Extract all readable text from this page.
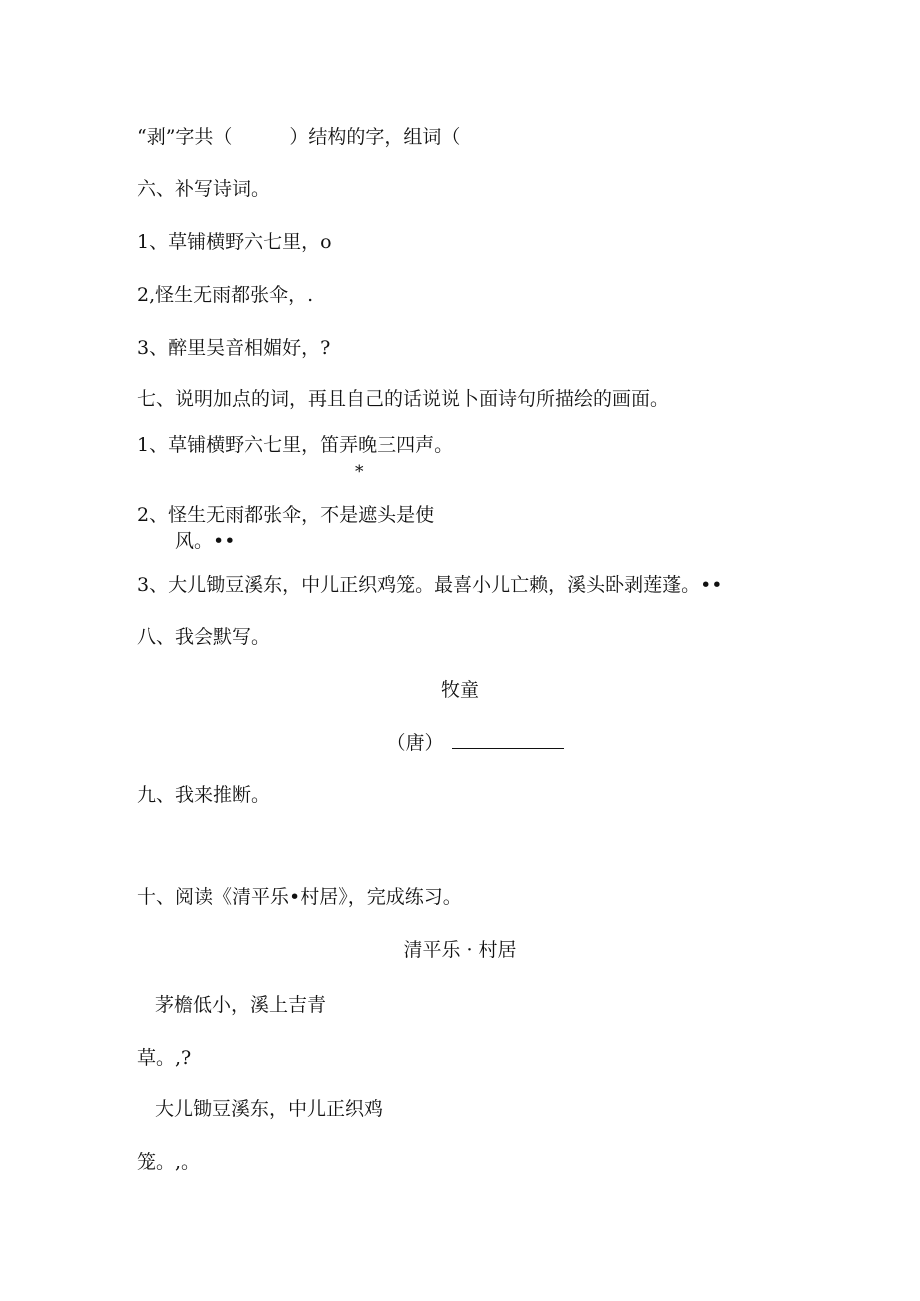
“剥”字共（　　　）结构的字，组词（
六、补写诗词。
1、草铺横野六七里，o
2,怪生无雨都张伞，.
3、醉里吴音相媚好，?
七、说明加点的词，再且自己的话说说卜面诗句所描绘的画面。
1、草铺横野六七里，笛弄晚三四声。
*
2、怪生无雨都张伞，不是遮头是使
风。••
3、大儿锄豆溪东，中儿正织鸡笼。最喜小儿亡赖，溪头卧剥莲蓬。••
八、我会默写。
牧童
（唐）
九、我来推断。
十、阅读《清平乐•村居》，完成练习。
清平乐 · 村居
茅檐低小，溪上吉青
草。,?
大儿锄豆溪东，中儿正织鸡
笼。,。
